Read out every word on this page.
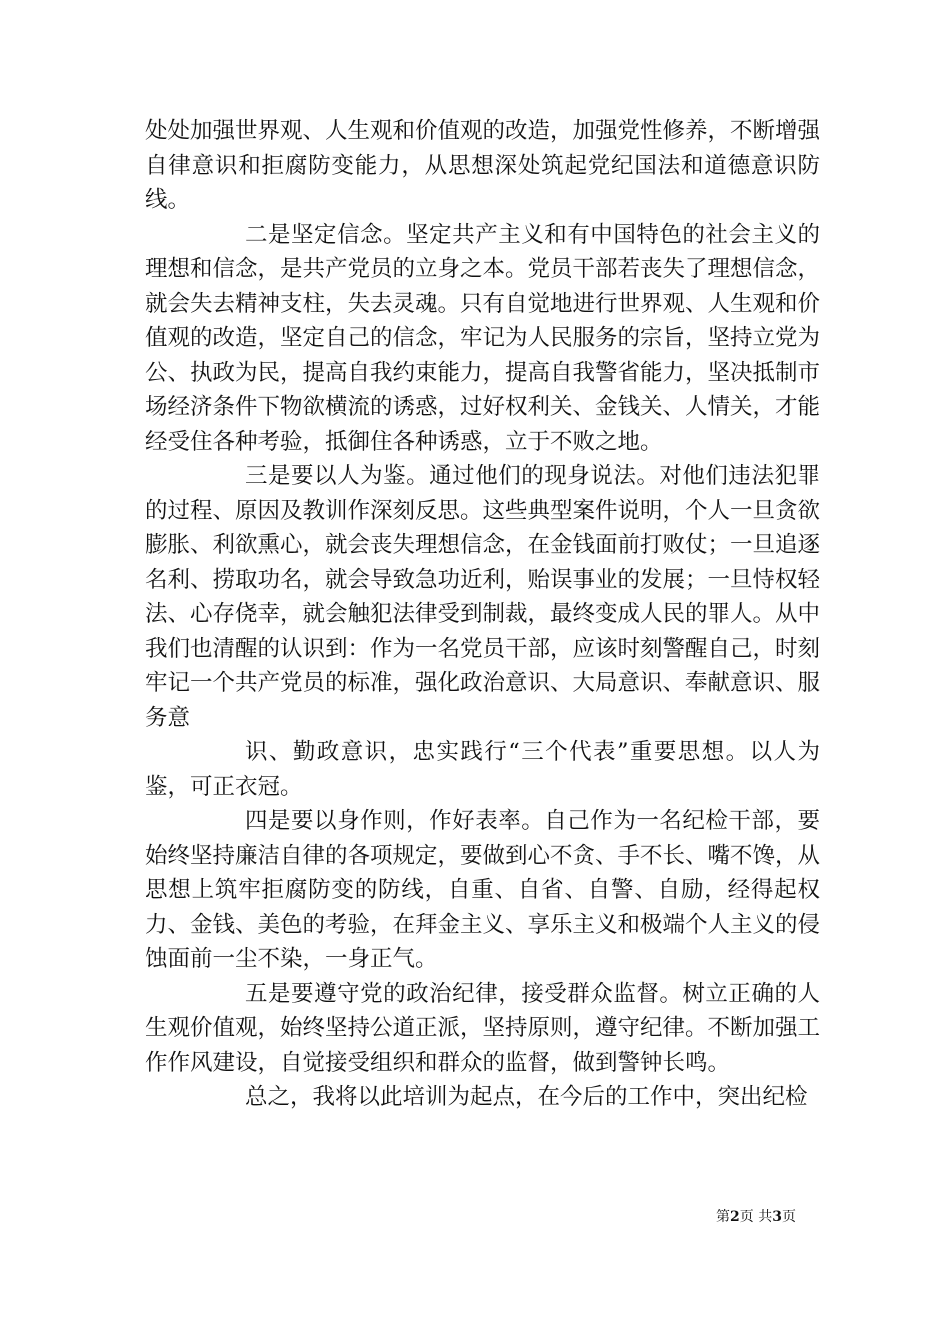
处处加强世界观、人生观和价值观的改造，加强党性修养，不断增强自律意识和拒腐防变能力，从思想深处筑起党纪国法和道德意识防线。

二是坚定信念。坚定共产主义和有中国特色的社会主义的理想和信念，是共产党员的立身之本。党员干部若丧失了理想信念，就会失去精神支柱，失去灵魂。只有自觉地进行世界观、人生观和价值观的改造，坚定自己的信念，牢记为人民服务的宗旨，坚持立党为公、执政为民，提高自我约束能力，提高自我警省能力，坚决抵制市场经济条件下物欲横流的诱惑，过好权利关、金钱关、人情关，才能经受住各种考验，抵御住各种诱惑，立于不败之地。

三是要以人为鉴。通过他们的现身说法。对他们违法犯罪的过程、原因及教训作深刻反思。这些典型案件说明，个人一旦贪欲膨胀、利欲熏心，就会丧失理想信念，在金钱面前打败仗；一旦追逐名利、捞取功名，就会导致急功近利，贻误事业的发展；一旦恃权轻法、心存侥幸，就会触犯法律受到制裁，最终变成人民的罪人。从中我们也清醒的认识到：作为一名党员干部，应该时刻警醒自己，时刻牢记一个共产党员的标准，强化政治意识、大局意识、奉献意识、服务意

识、勤政意识，忠实践行“三个代表”重要思想。以人为鉴，可正衣冠。

四是要以身作则，作好表率。自己作为一名纪检干部，要始终坚持廉洁自律的各项规定，要做到心不贪、手不长、嘴不馋，从思想上筑牢拒腐防变的防线，自重、自省、自警、自励，经得起权力、金钱、美色的考验，在拜金主义、享乐主义和极端个人主义的侵蚀面前一尘不染，一身正气。

五是要遵守党的政治纪律，接受群众监督。树立正确的人生观价值观，始终坚持公道正派，坚持原则，遵守纪律。不断加强工作作风建设，自觉接受组织和群众的监督，做到警钟长鸣。

总之，我将以此培训为起点，在今后的工作中，突出纪检

第2页 共3页
